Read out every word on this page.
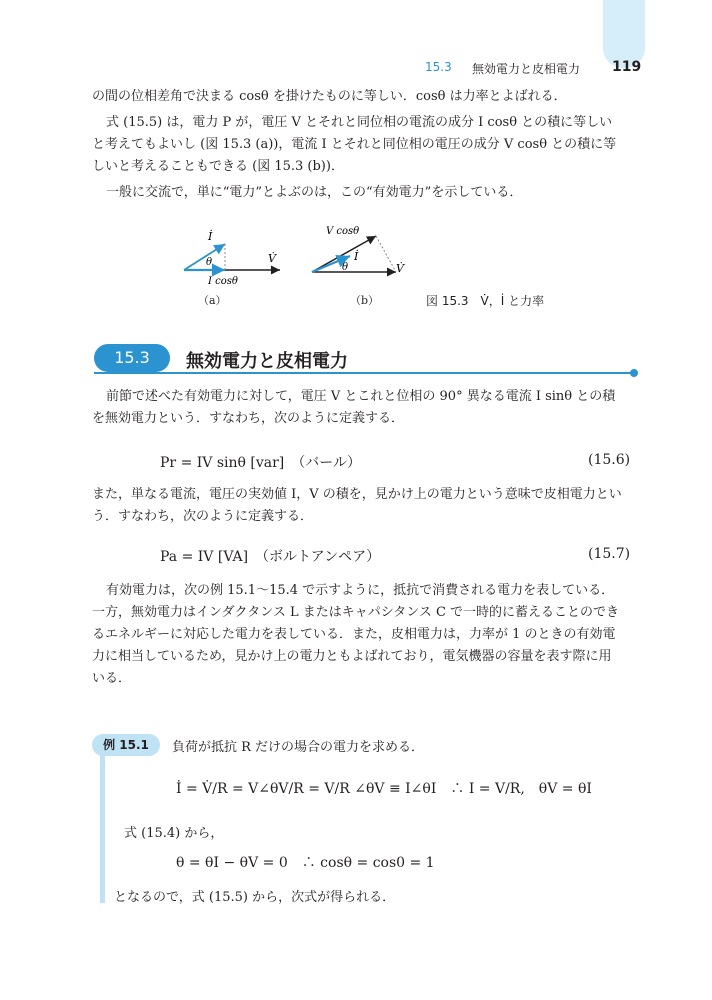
15.3 無効電力と皮相電力 119

の間の位相差角で決まる cosθ を掛けたものに等しい．cosθ は力率とよばれる．

式 (15.5) は，電力 P が，電圧 V とそれと同位相の電流の成分 I cosθ との積に等しいと考えてもよいし (図 15.3 (a))，電流 I とそれと同位相の電圧の成分 V cosθ との積に等しいと考えることもできる (図 15.3 (b))．

一般に交流で，単に“電力”とよぶのは，この“有効電力”を示している．

İ
θ	V̇
I cosθ
V cosθ
İ
θ	V̇
（a）	（b）	図 15.3　V̇，İ と力率
15.3	無効電力と皮相電力

前節で述べた有効電力に対して，電圧 V とこれと位相の 90° 異なる電流 I sinθ との積を無効電力という．すなわち，次のように定義する．

Pr = IV sinθ [var]　（バール）	(15.6)

また，単なる電流，電圧の実効値 I，V の積を，見かけ上の電力という意味で皮相電力という．すなわち，次のように定義する．

Pa = IV [VA]　（ボルトアンペア）	(15.7)

有効電力は，次の例 15.1～15.4 で示すように，抵抗で消費される電力を表している．一方，無効電力はインダクタンス L またはキャパシタンス C で一時的に蓄えることのできるエネルギーに対応した電力を表している．また，皮相電力は，力率が 1 のときの有効電力に相当しているため，見かけ上の電力ともよばれており，電気機器の容量を表す際に用いる．

例 15.1	負荷が抵抗 R だけの場合の電力を求める．
İ = V̇/R = V∠θV/R = V/R ∠θV ≡ I∠θI　∴ I = V/R,　θV = θI
式 (15.4) から，
θ = θI − θV = 0　∴ cosθ = cos0 = 1
となるので，式 (15.5) から，次式が得られる．
